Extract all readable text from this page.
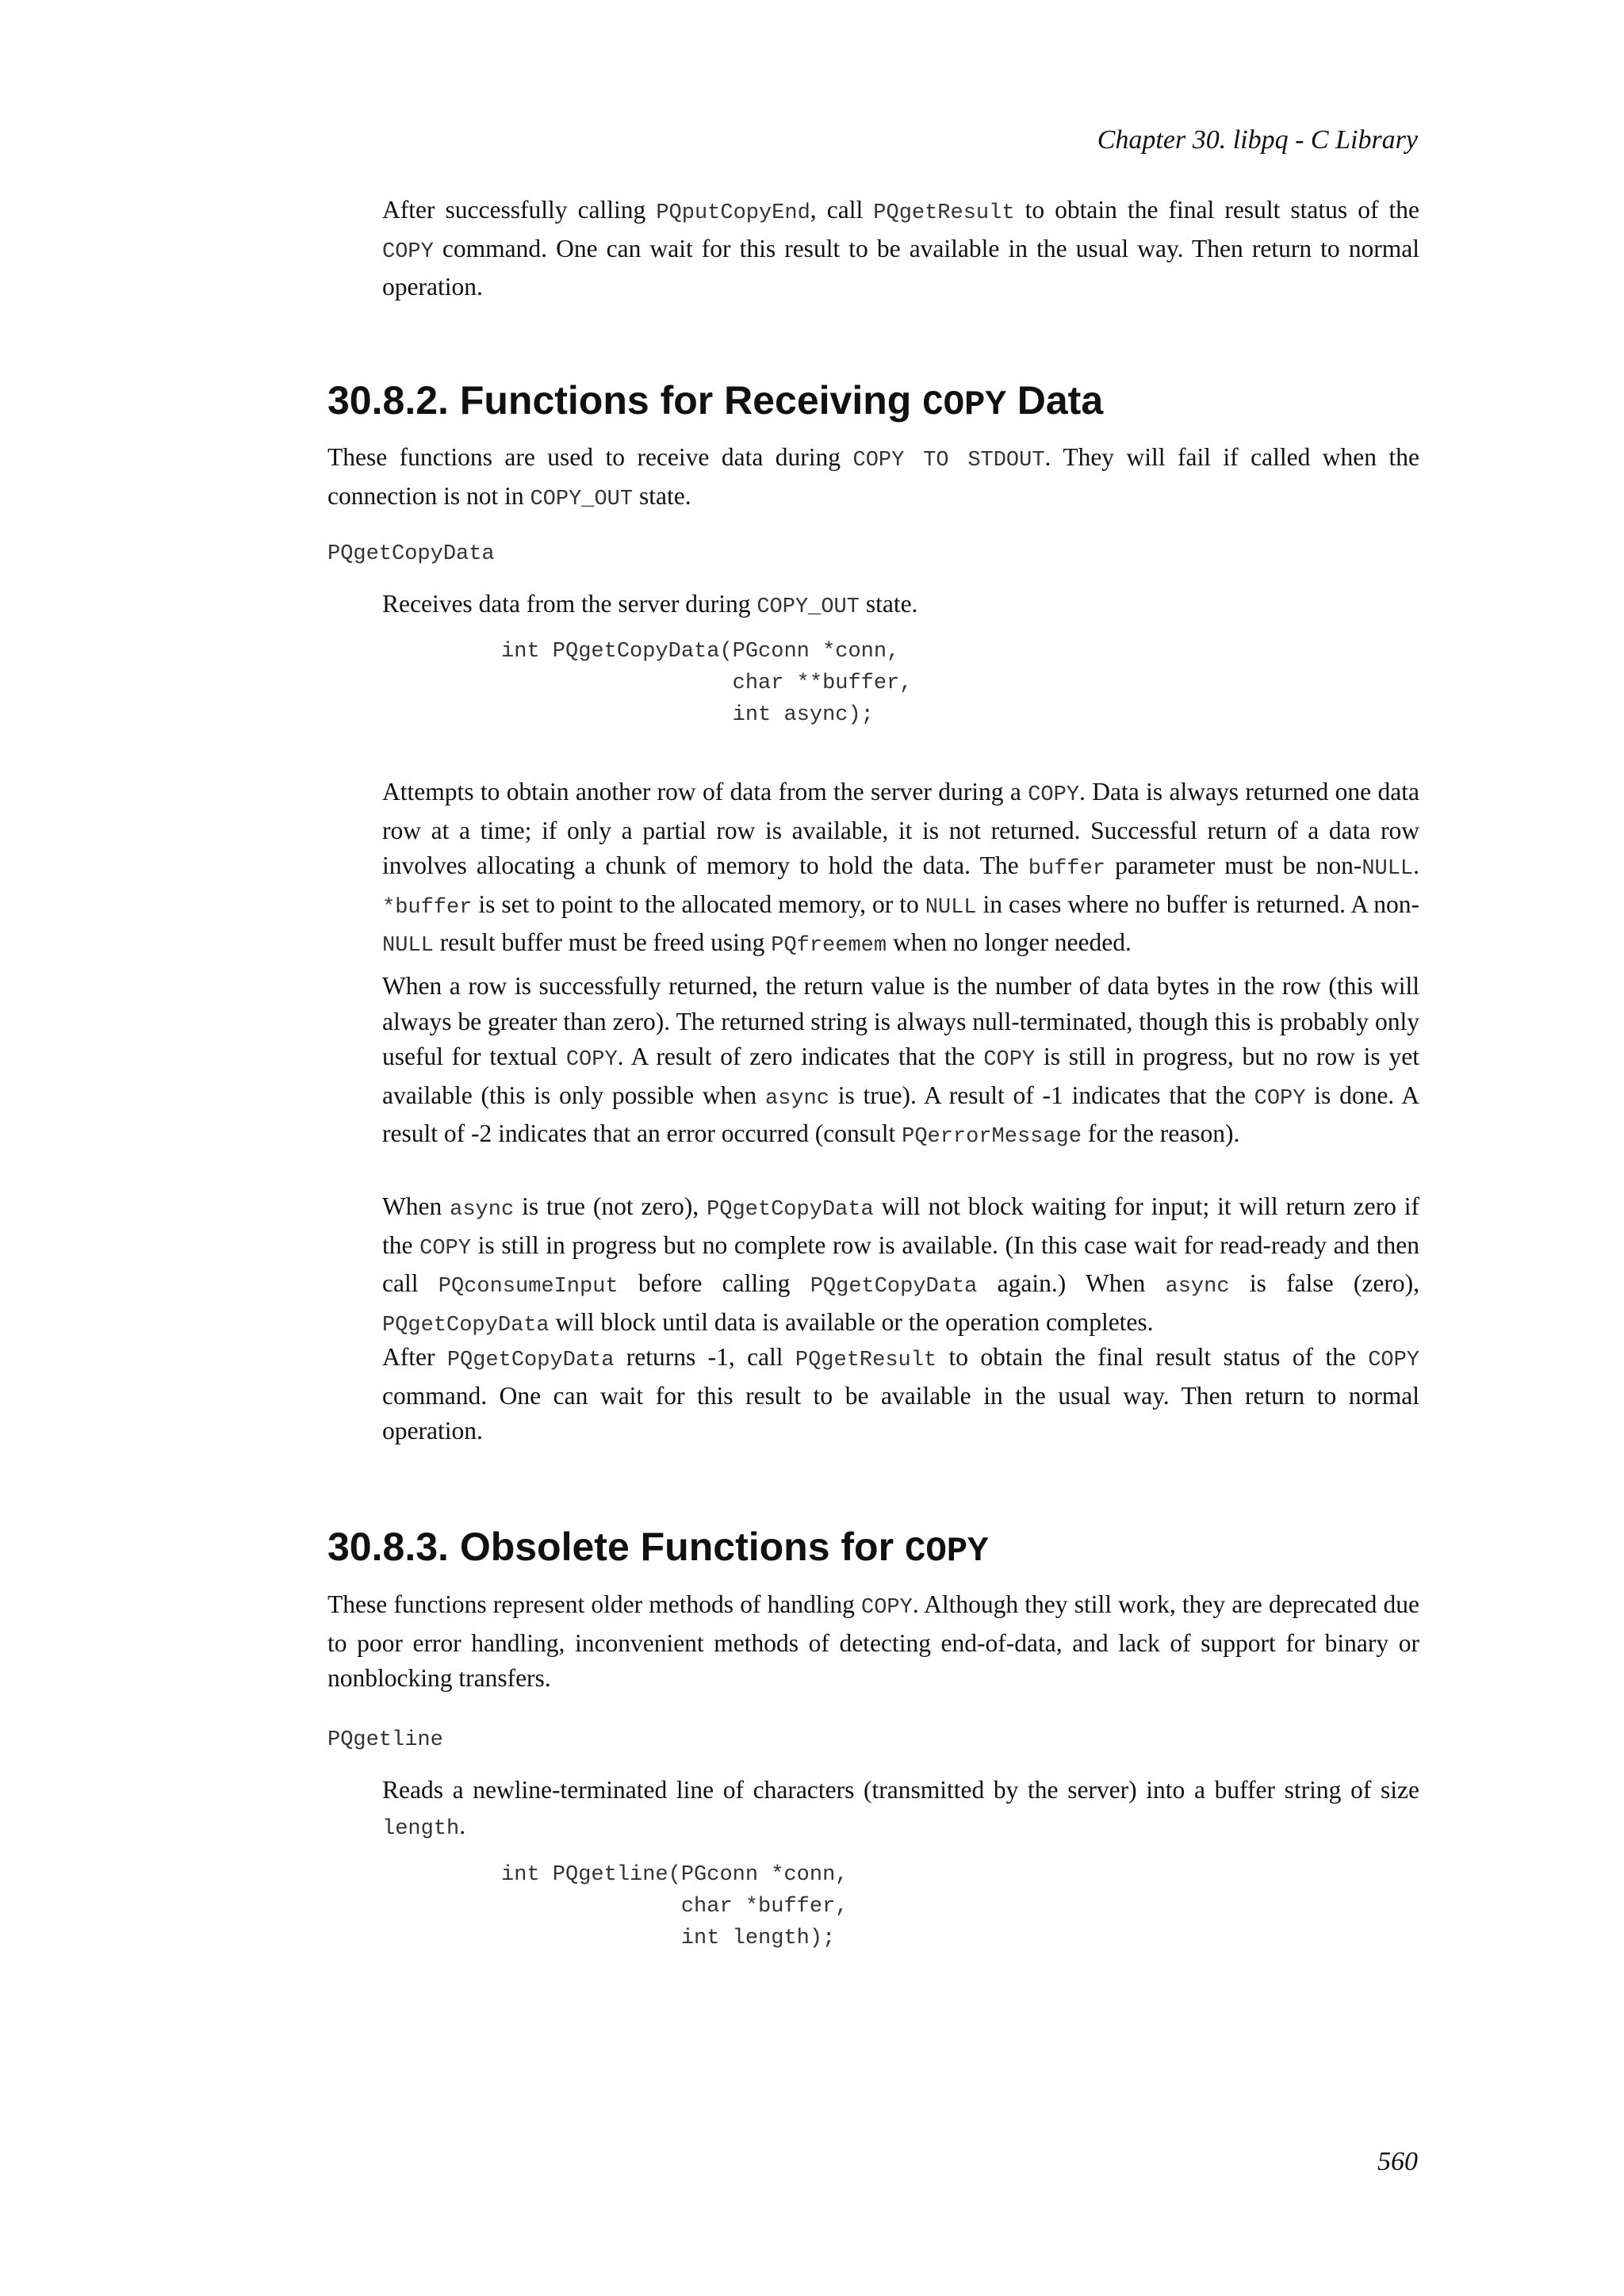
Chapter 30. libpq - C Library

After successfully calling PQputCopyEnd, call PQgetResult to obtain the final result status of the COPY command. One can wait for this result to be available in the usual way. Then return to normal operation.

30.8.2. Functions for Receiving COPY Data

These functions are used to receive data during COPY TO STDOUT. They will fail if called when the connection is not in COPY_OUT state.

PQgetCopyData

Receives data from the server during COPY_OUT state.

int PQgetCopyData(PGconn *conn,
char **buffer,
int async);

Attempts to obtain another row of data from the server during a COPY. Data is always returned one data row at a time; if only a partial row is available, it is not returned. Successful return of a data row involves allocating a chunk of memory to hold the data. The buffer parameter must be non-NULL. *buffer is set to point to the allocated memory, or to NULL in cases where no buffer is returned. A non-NULL result buffer must be freed using PQfreemem when no longer needed.

When a row is successfully returned, the return value is the number of data bytes in the row (this will always be greater than zero). The returned string is always null-terminated, though this is probably only useful for textual COPY. A result of zero indicates that the COPY is still in progress, but no row is yet available (this is only possible when async is true). A result of -1 indicates that the COPY is done. A result of -2 indicates that an error occurred (consult PQerrorMessage for the reason).

When async is true (not zero), PQgetCopyData will not block waiting for input; it will return zero if the COPY is still in progress but no complete row is available. (In this case wait for read-ready and then call PQconsumeInput before calling PQgetCopyData again.) When async is false (zero), PQgetCopyData will block until data is available or the operation completes.

After PQgetCopyData returns -1, call PQgetResult to obtain the final result status of the COPY command. One can wait for this result to be available in the usual way. Then return to normal operation.

30.8.3. Obsolete Functions for COPY

These functions represent older methods of handling COPY. Although they still work, they are deprecated due to poor error handling, inconvenient methods of detecting end-of-data, and lack of support for binary or nonblocking transfers.

PQgetline

Reads a newline-terminated line of characters (transmitted by the server) into a buffer string of size length.

int PQgetline(PGconn *conn,
char *buffer,
int length);
560
